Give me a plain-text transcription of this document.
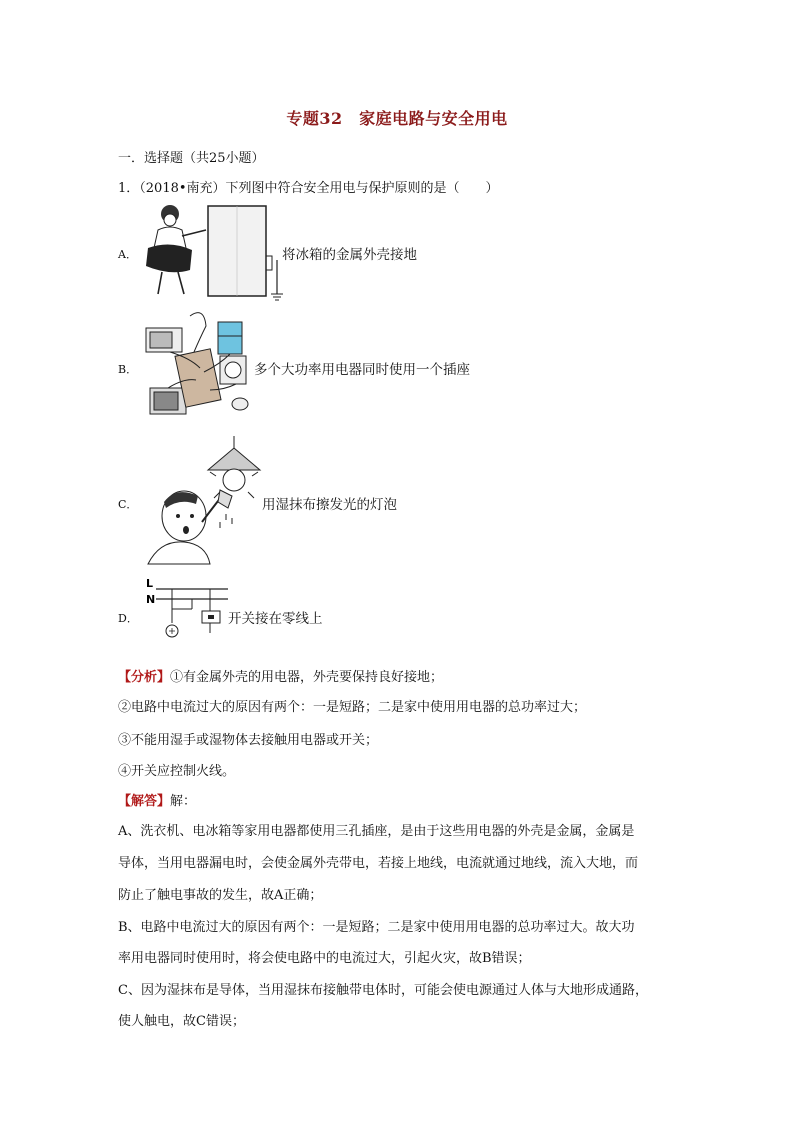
专题32　家庭电路与安全用电
一．选择题（共25小题）
1．（2018•南充）下列图中符合安全用电与保护原则的是（　　）
A．	将冰箱的金属外壳接地
B．	多个大功率用电器同时使用一个插座
C．	用湿抹布擦发光的灯泡
D．
L
N
开关接在零线上
【分析】①有金属外壳的用电器，外壳要保持良好接地；
②电路中电流过大的原因有两个：一是短路；二是家中使用用电器的总功率过大；
③不能用湿手或湿物体去接触用电器或开关；
④开关应控制火线。
【解答】解：
A、洗衣机、电冰箱等家用电器都使用三孔插座，是由于这些用电器的外壳是金属，金属是
导体，当用电器漏电时，会使金属外壳带电，若接上地线，电流就通过地线，流入大地，而
防止了触电事故的发生，故A正确；
B、电路中电流过大的原因有两个：一是短路；二是家中使用用电器的总功率过大。故大功
率用电器同时使用时，将会使电路中的电流过大，引起火灾，故B错误；
C、因为湿抹布是导体，当用湿抹布接触带电体时，可能会使电源通过人体与大地形成通路，
使人触电，故C错误；
